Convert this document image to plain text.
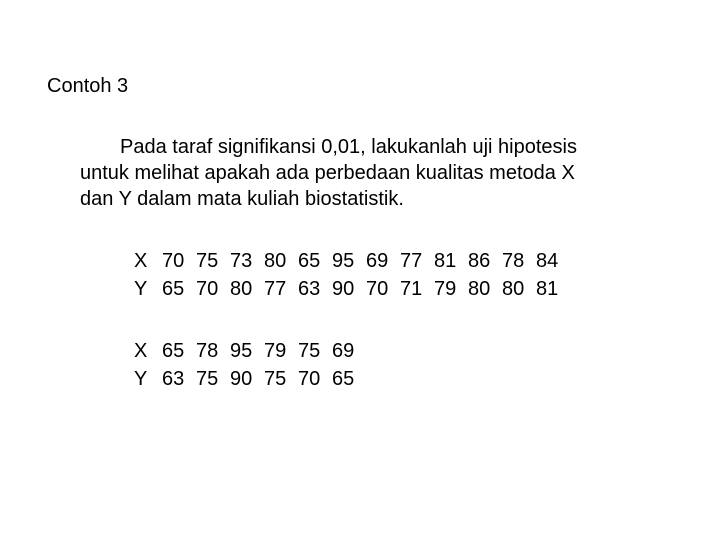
Contoh 3
Pada taraf signifikansi 0,01, lakukanlah uji hipotesis
untuk melihat apakah ada perbedaan kualitas metoda X
dan Y dalam mata kuliah biostatistik.
X 70 75 73 80 65 95 69 77 81 86 78 84
Y 65 70 80 77 63 90 70 71 79 80 80 81
X 65 78 95 79 75 69
Y 63 75 90 75 70 65
